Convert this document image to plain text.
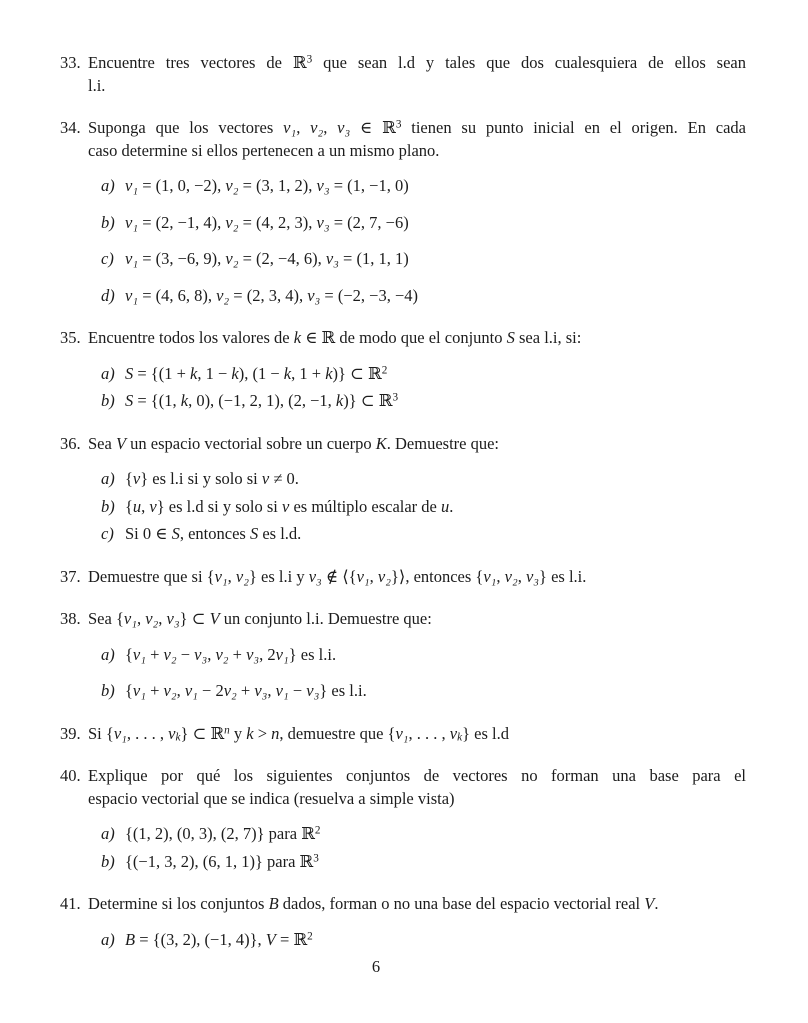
33. Encuentre tres vectores de ℝ$^3$ que sean l.d y tales que dos cualesquiera de ellos sean
l.i.
34. Suponga que los vectores v₁, v₂, v₃ ∈ ℝ$^3$ tienen su punto inicial en el origen. En cada
caso determine si ellos pertenecen a un mismo plano.
a) v₁ = (1, 0, −2), v₂ = (3, 1, 2), v₃ = (1, −1, 0)
b) v₁ = (2, −1, 4), v₂ = (4, 2, 3), v₃ = (2, 7, −6)
c) v₁ = (3, −6, 9), v₂ = (2, −4, 6), v₃ = (1, 1, 1)
d) v₁ = (4, 6, 8), v₂ = (2, 3, 4), v₃ = (−2, −3, −4)
35. Encuentre todos los valores de k ∈ ℝ de modo que el conjunto S sea l.i, si:
a) S = {(1 + k, 1 − k), (1 − k, 1 + k)} ⊂ ℝ$^2$
b) S = {(1, k, 0), (−1, 2, 1), (2, −1, k)} ⊂ ℝ$^3$
36. Sea V un espacio vectorial sobre un cuerpo K. Demuestre que:
a) {v} es l.i si y solo si v ≠ 0.
b) {u, v} es l.d si y solo si v es múltiplo escalar de u.
c) Si 0 ∈ S, entonces S es l.d.
37. Demuestre que si {v₁, v₂} es l.i y v₃ ∉ ⟨{v₁, v₂}⟩, entonces {v₁, v₂, v₃} es l.i.
38. Sea {v₁, v₂, v₃} ⊂ V un conjunto l.i. Demuestre que:
a) {v₁ + v₂ − v₃, v₂ + v₃, 2v₁} es l.i.
b) {v₁ + v₂, v₁ − 2v₂ + v₃, v₁ − v₃} es l.i.
39. Si {v₁, . . . , vk} ⊂ ℝ$^n$ y k > n, demuestre que {v₁, . . . , vk} es l.d
40. Explique por qué los siguientes conjuntos de vectores no forman una base para el
espacio vectorial que se indica (resuelva a simple vista)
a) {(1, 2), (0, 3), (2, 7)} para ℝ$^2$
b) {(−1, 3, 2), (6, 1, 1)} para ℝ$^3$
41. Determine si los conjuntos B dados, forman o no una base del espacio vectorial real V.
a) B = {(3, 2), (−1, 4)}, V = ℝ$^2$
6
